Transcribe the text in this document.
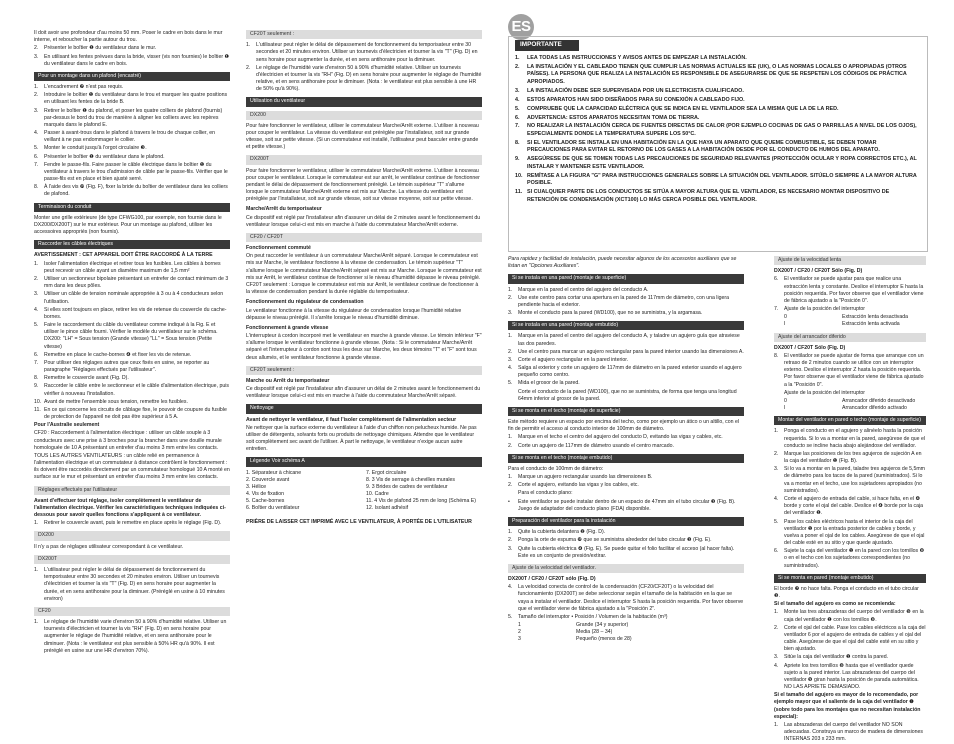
Il doit avoir une profondeur d'au moins 50 mm. Poser le cadre en bois dans le mur interne, et reboucher la partie autour du trou.

2.	Présenter le boîtier ❶ du ventilateur dans le mur.
3.	En utilisant les fentes prévues dans la bride, visser (vis non fournies) le boîtier ❶ du ventilateur dans le cadre en bois.
Pour un montage dans un plafond (encastré)
1.	L'encadrement ❼ n'est pas requis.
2.	Introduire le boîtier ❶ du ventilateur dans le trou et marquer les quatre positions en utilisant les fentes de la bride B.
3.	Retirer le boîtier ❶ du plafond, et poser les quatre colliers de plafond (fournis) par-dessus le bord du trou de manière à aligner les colliers avec les repères marqués dans le plafond E.
4.	Passer à avant-trous dans le plafond à travers le trou de chaque collier, en veillant à ne pas endommager le collier.
5.	Monter le conduit jusqu'à l'orgot circulaire ❸.
6.	Présenter le boîtier ❶ du ventilateur dans le plafond.
7.	Fendre le passe-fils. Faire passer le câble électrique dans le boîtier ❶ du ventilateur à travers le trou d'admission de câble par le passe-fils. Vérifier que le passe-fils est en place et bien ajusté serré.
8.	À l'aide des vis ❿ (Fig. F), fixer la bride du boîtier de ventilateur dans les colliers de plafond.
Terminaison du conduit

Monter une grille extérieure (de type CFWG100, par exemple, non fournie dans le DX200/DX200T) sur le mur extérieur. Pour un montage au plafond, utiliser les accessoires appropriés (non fournis).

Raccorder les câbles électriques

AVERTISSEMENT : CET APPAREIL DOIT ÊTRE RACCORDÉ À LA TERRE

1.	Isoler l'alimentation électrique et retirer tous les fusibles. Les câbles à bornes peut recevoir un câble ayant un diamètre maximum de 1,5 mm²
2.	Utiliser un sectionneur bipolaire présentant un entrefer de contact minimum de 3 mm dans les deux pôles.
3.	Utiliser un câble de tension nominale appropriée à 3 ou à 4 conducteurs selon l'utilisation.
4.	Si elles sont toujours en place, retirer les vis de retenue du couvercle du cache-bornes.
5.	Faire le raccordement du câble du ventilateur comme indiqué à la Fig. E et utiliser le pince câble fourni. Vérifier le modèle du ventilateur sur le schéma. DX200: "LH" = Sous tension (Grande vitesse) "LL" = Sous tension (Petite vitesse)
6.	Remettre en place le cache-bornes ❹ et fixer les vis de retenue.
7.	Pour utiliser des réglages autres que ceux fixés en usine, se reporter au paragraphe "Réglages effectués par l'utilisateur".
8.	Remettre le couvercle avant (Fig. D).
9.	Raccorder le câble entre le sectionneur et le câble d'alimentation électrique, puis vérifier à nouveau l'installation.
10. Avant de mettre l'ensemble sous tension, remettre les fusibles.
11. En ce qui concerne les circuits de câblage fixe, le pouvoir de coupure du fusible de protection de l'appareil ne doit pas être supérieur à 5 A.

Pour l'Australie seulement

CF20 : Raccordement à l'alimentation électrique : utiliser un câble souple à 3 conducteurs avec une prise à 3 broches pour la brancher dans une douille murale homologuée de 10 A présentant un entrefer d'au moins 3 mm entre les contacts.

TOUS LES AUTRES VENTILATEURS : un câble relié en permanence à l'alimentation électrique et un commutateur à distance contrôlent le fonctionnement : ils doivent être raccordés directement par un commutateur homologué 10 A monté en surface sur le mur et présentant un entrefer d'au moins 3 mm entre les contacts.

Réglages effectués par l'utilisateur

Avant d'effectuer tout réglage, isoler complètement le ventilateur de l'alimentation électrique. Vérifier les caractéristiques techniques indiquées ci-dessous pour savoir quelles fonctions s'appliquent à ce ventilateur.

1.	Retirer le couvercle avant, puis le remettre en place après le réglage (Fig. D).
DX200

Il n'y a pas de réglages utilisateur correspondant à ce ventilateur.

DX200T
1.	L'utilisateur peut régler le délai de dépassement de fonctionnement du temporisateur entre 30 secondes et 20 minutes environ. Utiliser un tournevis d'électricien et tourner la vis "T" (Fig. D) en sens horaire pour augmenter la durée, et en sens antihoraire pour la diminuer. (Préréglé en usine à 10 minutes environ)
CF20
1.	Le réglage de l'humidité varie d'environ 50 à 90% d'humidité relative. Utiliser un tournevis d'électricien et tourner la vis "RH" (Fig. D) en sens horaire pour augmenter le réglage de l'humidité relative, et en sens antihoraire pour le diminuer. (Nota : le ventilateur est plus sensible à 50% HR qu'à 90%. Il est préréglé en usine sur une HR d'environ 70%).
CF20T seulement :
1.	L'utilisateur peut régler le délai de dépassement de fonctionnement du temporisateur entre 30 secondes et 20 minutes environ. Utiliser un tournevis d'électricien et tourner la vis "T" (Fig. D) en sens horaire pour augmenter la durée, et en sens antihoraire pour la diminuer.
2.	Le réglage de l'humidité varie d'environ 50 à 90% d'humidité relative. Utiliser un tournevis d'électricien et tourner la vis "RH" (Fig. D) en sens horaire pour augmenter le réglage de l'humidité relative, et en sens antihoraire pour le diminuer. (Nota : le ventilateur est plus sensible à une HR de 50% qu'à 90%).
Utilisation du ventilateur
DX200

Pour faire fonctionner le ventilateur, utiliser le commutateur Marche/Arrêt externe. L'utiliser à nouveau pour couper le ventilateur. La vitesse du ventilateur est préréglée par l'installateur, soit sur grande vitesse, soit sur petite vitesse. (Si un commutateur est installé, l'utilisateur peut basculer entre grande et petite vitesse.)

DX200T

Pour faire fonctionner le ventilateur, utiliser le commutateur Marche/Arrêt externe. L'utiliser à nouveau pour couper le ventilateur. Lorsque le commutateur est sur arrêt, le ventilateur continue de fonctionner pendant le délai de dépassement de fonctionnement préréglé. Le témoin supérieur "T" s'allume lorsque le commutateur Marche/Arrêt externe est mis sur Marche. La vitesse du ventilateur est préréglée par l'installateur, soit sur grande vitesse, soit sur vitesse moyenne, soit sur petite vitesse.

Marche/Arrêt du temporisateur

Ce dispositif est réglé par l'installateur afin d'assurer un délai de 2 minutes avant le fonctionnement du ventilateur lorsque celui-ci est mis en marche à l'aide du commutateur Marche/Arrêt externe.

CF20 / CF20T

Fonctionnement commuté

On peut raccorder le ventilateur à un commutateur Marche/Arrêt séparé. Lorsque le commutateur est mis sur Marche, le ventilateur fonctionne à la vitesse de condensation. Le témoin supérieur "T" s'allume lorsque le commutateur Marche/Arrêt séparé est mis sur Marche. Lorsque le commutateur est mis sur Arrêt, le ventilateur continue de fonctionner si le niveau d'humidité dépasse le niveau préréglé. CF20T seulement : Lorsque le commutateur est mis sur Arrêt, le ventilateur continue de fonctionner à la vitesse de condensation pendant la durée réglable du temporisateur.

Fonctionnement du régulateur de condensation

Le ventilateur fonctionne à la vitesse du régulateur de condensation lorsque l'humidité relative dépasse le niveau préréglé. Il s'arrête lorsque le niveau d'humidité diminue.

Fonctionnement à grande vitesse

L'interrupteur à cordon incorporé met le ventilateur en marche à grande vitesse. Le témoin inférieur "F" s'allume lorsque le ventilateur fonctionne à grande vitesse. (Nota : Si le commutateur Marche/Arrêt séparé et l'interrupteur à cordon sont tous les deux sur Marche, les deux témoins "T" et "F" sont tous deux allumés, et le ventilateur fonctionne à grande vitesse.

CF20T seulement :

Marche ou Arrêt du temporisateur

Ce dispositif est réglé par l'installateur afin d'assurer un délai de 2 minutes avant le fonctionnement du ventilateur lorsque celui-ci est mis en marche à l'aide du commutateur Marche/Arrêt séparé.

Nettoyage

Avant de nettoyer le ventilateur, il faut l'isoler complètement de l'alimentation secteur

Ne nettoyer que la surface externe du ventilateur à l'aide d'un chiffon non pelucheux humide. Ne pas utiliser de détergents, solvants forts ou produits de nettoyage chimiques. Attendre que le ventilateur soit complètement sec avant de l'utiliser. À part le nettoyage, le ventilateur n'exige aucun autre entretien.

Légende Voir schéma A
1. Séparateur à chicane
2. Couvercle avant
3. Hélice
4. Vis de fixation
5. Cache-bornes
6. Boîtier du ventilateur
7. Ergot circulaire
8. 3 Vis de serrage à chevilles murales
9. 3 Brides de cadres de ventilateur
10. Cadre
11. 4 Vis de plafond 25 mm de long (Schéma E)
12. Isolant adhésif

PRIÈRE DE LAISSER CET IMPRIMÉ AVEC LE VENTILATEUR, À PORTÉE DE L'UTILISATEUR

ES
IMPORTANTE
1.	LEA TODAS LAS INSTRUCCIONES Y AVISOS ANTES DE EMPEZAR LA INSTALACIÓN.
2.	LA INSTALACIÓN Y EL CABLEADO TIENEN QUE CUMPLIR LAS NORMAS ACTUALES IEE (UK), O LAS NORMAS LOCALES O APROPIADAS (OTROS PAÍSES). LA PERSONA QUE REALIZA LA INSTALACIÓN ES RESPONSIBLE DE ASEGURARSE DE QUE SE RESPETEN LOS CÓDIGOS DE PRÁCTICA APROPIADOS.
3.	LA INSTALACIÓN DEBE SER SUPERVISADA POR UN ELECTRICISTA CUALIFICADO.
4.	ESTOS APARATOS HAN SIDO DISEÑADOS PARA SU CONEXIÓN A CABLEADO FIJO.
5.	COMPRUEBE QUE LA CAPACIDAD ELÉCTRICA QUE SE INDICA EN EL VENTILADOR SEA LA MISMA QUE LA DE LA RED.
6.	ADVERTENCIA: ESTOS APARATOS NECESITAN TOMA DE TIERRA.
7.	NO REALIZAR LA INSTALACIÓN CERCA DE FUENTES DIRECTAS DE CALOR (POR EJEMPLO COCINAS DE GAS O PARRILLAS A NIVEL DE LOS OJOS), ESPECIALMENTE DONDE LA TEMPERATURA SUPERE LOS 50°C.
8.	SI EL VENTILADOR SE INSTALA EN UNA HABITACIÓN EN LA QUE HAYA UN APARATO QUE QUEME COMBUSTIBLE, SE DEBEN TOMAR PRECAUCIONES PARA EVITAR EL RETORNO DE LOS GASES A LA HABITACIÓN DESDE POR EL CONDUCTO DE HUMOS DEL APARATO.
9.	ASEGÚRESE DE QUE SE TOMEN TODAS LAS PRECAUCIONES DE SEGURIDAD RELEVANTES (PROTECCIÓN OCULAR Y ROPA CORRECTOS ETC.), AL INSTALAR Y MANTENER ESTE VENTILADOR.
10. REMÍTASE A LA FIGURA "G" PARA INSTRUCCIONES GENERALES SOBRE LA SITUACIÓN DEL VENTILADOR. SITÚELO SIEMPRE A LA MAYOR ALTURA POSIBLE.
11. SI CUALQUIER PARTE DE LOS CONDUCTOS SE SITÚA A MAYOR ALTURA QUE EL VENTILADOR, ES NECESARIO MONTAR DISPOSITIVO DE RETENCIÓN DE CONDENSACIÓN (XCT100) LO MÁS CERCA POSIBLE DEL VENTILADOR.

Para rapidez y facilidad de instalación, puede necesitar algunos de los accesorios auxiliares que se listan en "Opciones Auxiliares".

Si se instala en una pared (montaje de superficie)
1.	Marque en la pared el centro del agujero del conducto A.
2.	Use este centro para cortar una apertura en la pared de 117mm de diámetro, con una ligera pendiente hacia el exterior.
3.	Monte el conducto para la pared (WD100), que no se suministra, y la argamasa.
Si se instala en una pared (montaje embutido)
1.	Marque en la pared el centro del agujero del conducto A, y taladre un agujero guía que atraviese las dos paredes.
2.	Use el centro para marcar un agujero rectangular para la pared interior usando las dimensiones A.
3.	Corte el agujero rectangular en la pared interior.
4.	Salga al exterior y corte un agujero de 117mm de diámetro en la pared exterior usando el agujero pequeño como centro.
5.	Mida el grosor de la pared.
Corte el conducto de la pared (WD100), que no se suministra, de forma que tenga una longitud 64mm inferior al grosor de la pared.
Si se monta en el techo (montaje de superficie)

Este método requiere un espacio por encima del techo, como por ejemplo un ático o un altillo, con el fin de permitir el acceso al conducto interior de 100mm de diámetro.

1.	Marque en el techo el centro del agujero del conducto D, evitando las vigas y cables, etc.
2.	Corte un agujero de 117mm de diámetro usando el centro marcado.
Si se monta en el techo (montaje embutido)

Para el conducto de 100mm de diámetro:

1.	Marque un agujero rectangular usando las dimensiones B.
2.	Corte el agujero, evitando las vigas y los cables, etc.
Para el conducto plano:
•	Este ventilador se puede instalar dentro de un espacio de 47mm sin el tubo circular ❸ (Fig. B). Juego de adaptador del conducto plano (FDA) disponible.
Preparación del ventilador para la instalación
1.	Quite la cubierta delantera ❷ (Fig. D).
2.	Ponga la orte de espuma ❿ que se suministra alrededor del tubo circular ❸ (Fig. E).
3.	Quite la cubierta eléctrica ❹ (Fig. E). Se puede quitar el folio facilitar el acceso (al hacer falta). Este es un conjunto de presión/extirar.
Ajuste de la velocidad del ventilador.

DX200T / CF20 / CF20T sólo (Fig. D)

4.	La velocidad conecta de control de la condensación (CF20/CF20T) o la velocidad del funcionamiento (DX200T) se debe seleccionar según el tamaño de la habitación en la que se vaya a instalar el ventilador. Deslice el interruptor S hasta la posición requerida. Por favor observe que el ventilador viene de fábrica ajustado a la "Posición 2".
5.	Tamaño del interruptor • Posición / Volumen de la habitación (m³)
1	Grande (34 y superior)
2	Media (28 – 34)
3	Pequeño (menos de 28)
Ajuste de la velocidad lenta

DX200T / CF20 / CF20T Sólo (Fig. D)

6.	El ventilador se puede ajustar para que realice una extracción lenta y constante. Deslice el interruptor E hasta la posición requerida. Por favor observe que el ventilador viene de fábrica ajustado a la "Posición 0".
7.	Ajuste de la posición del interruptor
0	Extracción lenta desactivada
I	Extracción lenta activada
Ajuste del arrancador diferido

DX200T / CF20T Sólo (Fig. D)

8.	El ventilador se puede ajustar de forma que arranque con un retraso de 2 minutos cuando se utilice con un interruptor externo. Deslice el interruptor Z hasta la posición requerida. Por favor observe que el ventilador viene de fábrica ajustado a la "Posición 0".

Ajuste de la posición del interruptor

0	Arrancador diferido desactivado
I	Arrancador diferido activado
Montar del ventilador en pared o techo (montaje de superficie)
1.	Ponga el conducto en el agujero y alinéelo hasta la posición requerida. Si lo va a montar en la pared, asegúrese de que el conducto se incline hacia abajo alejándose del ventilador.
2.	Marque las posiciones de los tres agujeros de sujeción A en la caja del ventilador ❶ (Fig. B).
3.	Si lo va a montar en la pared, taladre tres agujeros de 5,5mm de diámetro para los tacos de la pared (suministrados). Si lo va a montar en el techo, use los sujetadores apropiados (no suministrados).
4.	Corte el agujero de entrada del cable, si hace falta, en el ❹ borde y corte el ojal del cable. Deslice el ❹ borde por la caja del ventilador ❶.
5.	Pase los cables eléctricos hasta el interior de la caja del ventilador ❶ por la entrada posterior de cables y borde, y vuelva a poner el ojal de los cables. Asegúrese de que el ojal del cable esté en su sitio y que quede ajustado.
6.	Sujete la caja del ventilador ❶ en la pared con los tornillos ❽ o en el techo con los sujetadores correspondientes (no suministrados).
Si se monta en pared (montaje embutido)

El borde ❼ no hace falta. Ponga el conducto en el tubo circular ❸.

Si el tamaño del agujero es como se recomienda:

1.	Monte las tres abrazaderas del cuerpo del ventilador ❾ en la caja del ventilador ❶ con los tornillos ❽.
2.	Corte el ojal del cable. Pase los cables eléctricos a la caja del ventilador 6 por el agujero de entrada de cables y el ojal del cable. Asegúrese de que el ojal del cable esté en su sitio y bien ajustado.
3.	Sitúe la caja del ventilador ❶ contra la pared.
4.	Apriete los tres tornillos ❽ hasta que el ventilador quede sujeto a la pared interior. Las abrazaderas del cuerpo del ventilador ❾ giran hasta la posición de parada automática. NO LAS APRIETE DEMASIADO.

Si el tamaño del agujero es mayor de lo recomendado, por ejemplo mayor que el saliente de la caja del ventilador ❶ (sobre todo para los montajes que no necesitan instalación especial):

1.	Las abrazaderas del cuerpo del ventilador NO SON adecuadas. Construya un marco de madera de dimensiones INTERNAS 203 x 233 mm.
